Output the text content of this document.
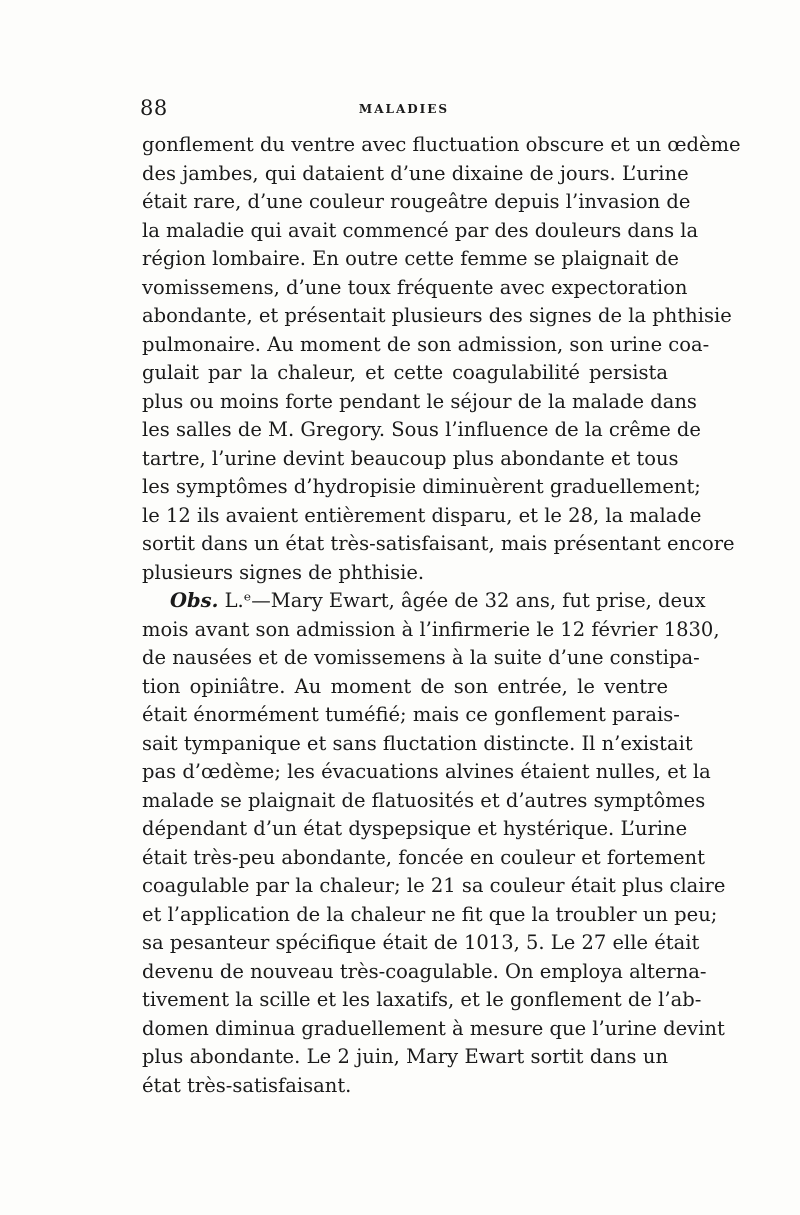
88	MALADIES
gonflement du ventre avec fluctuation obscure et un œdème
des jambes, qui dataient d’une dixaine de jours. L’urine
était rare, d’une couleur rougeâtre depuis l’invasion de
la maladie qui avait commencé par des douleurs dans la
région lombaire. En outre cette femme se plaignait de
vomissemens, d’une toux fréquente avec expectoration
abondante, et présentait plusieurs des signes de la phthisie
pulmonaire. Au moment de son admission, son urine coa-
gulait par la chaleur, et cette coagulabilité persista
plus ou moins forte pendant le séjour de la malade dans
les salles de M. Gregory. Sous l’influence de la crême de
tartre, l’urine devint beaucoup plus abondante et tous
les symptômes d’hydropisie diminuèrent graduellement;
le 12 ils avaient entièrement disparu, et le 28, la malade
sortit dans un état très-satisfaisant, mais présentant encore
plusieurs signes de phthisie.
Obs. L.ᵉ—Mary Ewart, âgée de 32 ans, fut prise, deux
mois avant son admission à l’infirmerie le 12 février 1830,
de nausées et de vomissemens à la suite d’une constipa-
tion opiniâtre. Au moment de son entrée, le ventre
était énormément tuméfié; mais ce gonflement parais-
sait tympanique et sans fluctation distincte. Il n’existait
pas d’œdème; les évacuations alvines étaient nulles, et la
malade se plaignait de flatuosités et d’autres symptômes
dépendant d’un état dyspepsique et hystérique. L’urine
était très-peu abondante, foncée en couleur et fortement
coagulable par la chaleur; le 21 sa couleur était plus claire
et l’application de la chaleur ne fit que la troubler un peu;
sa pesanteur spécifique était de 1013, 5. Le 27 elle était
devenu de nouveau très-coagulable. On employa alterna-
tivement la scille et les laxatifs, et le gonflement de l’ab-
domen diminua graduellement à mesure que l’urine devint
plus abondante. Le 2 juin, Mary Ewart sortit dans un
état très-satisfaisant.
